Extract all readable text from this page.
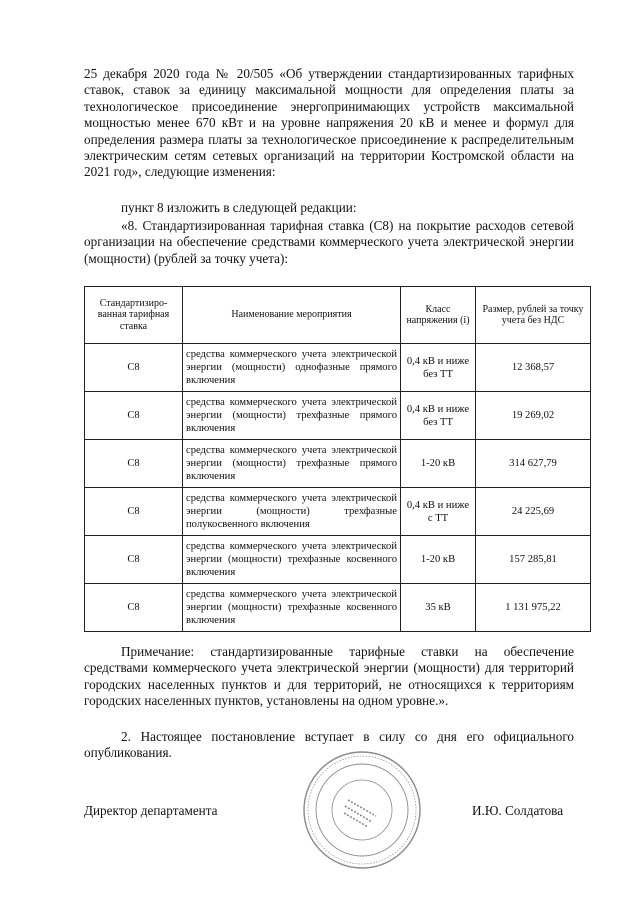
25 декабря 2020 года № 20/505 «Об утверждении стандартизированных тарифных ставок, ставок за единицу максимальной мощности для определения платы за технологическое присоединение энергопринимающих устройств максимальной мощностью менее 670 кВт и на уровне напряжения 20 кВ и менее и формул для определения размера платы за технологическое присоединение к распределительным электрическим сетям сетевых организаций на территории Костромской области на 2021 год», следующие изменения:

пункт 8 изложить в следующей редакции:

«8. Стандартизированная тарифная ставка (С8) на покрытие расходов сетевой организации на обеспечение средствами коммерческого учета электрической энергии (мощности) (рублей за точку учета):

Стандартизиро-ванная тарифная ставка	Наименование мероприятия	Класс напряжения (i)	Размер, рублей за точку учета без НДС
С8	средства коммерческого учета электрической энергии (мощности) однофазные прямого включения	0,4 кВ и ниже без ТТ	12 368,57
С8	средства коммерческого учета электрической энергии (мощности) трехфазные прямого включения	0,4 кВ и ниже без ТТ	19 269,02
С8	средства коммерческого учета электрической энергии (мощности) трехфазные прямого включения	1-20 кВ	314 627,79
С8	средства коммерческого учета электрической энергии (мощности) трехфазные полукосвенного включения	0,4 кВ и ниже с ТТ	24 225,69
С8	средства коммерческого учета электрической энергии (мощности) трехфазные косвенного включения	1-20 кВ	157 285,81
С8	средства коммерческого учета электрической энергии (мощности) трехфазные косвенного включения	35 кВ	1 131 975,22

Примечание: стандартизированные тарифные ставки на обеспечение средствами коммерческого учета электрической энергии (мощности) для территорий городских населенных пунктов и для территорий, не относящихся к территориям городских населенных пунктов, установлены на одном уровне.».

2. Настоящее постановление вступает в силу со дня его официального опубликования.

Директор департамента	И.Ю. Солдатова
